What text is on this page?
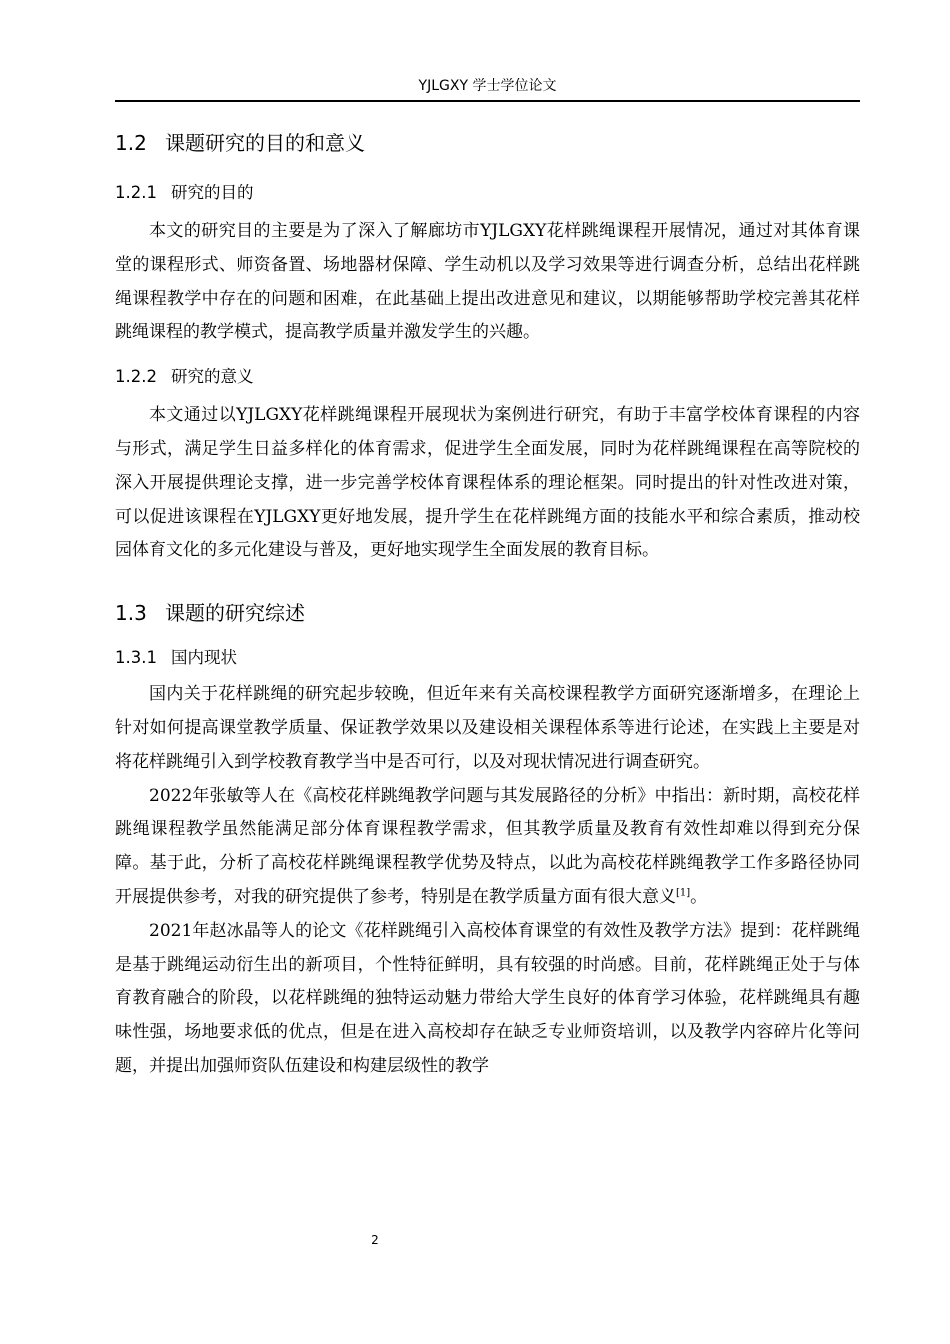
YJLGXY 学士学位论文
1.2 课题研究的目的和意义
1.2.1 研究的目的

本文的研究目的主要是为了深入了解廊坊市YJLGXY花样跳绳课程开展情况，通过对其体育课堂的课程形式、师资备置、场地器材保障、学生动机以及学习效果等进行调查分析，总结出花样跳绳课程教学中存在的问题和困难，在此基础上提出改进意见和建议，以期能够帮助学校完善其花样跳绳课程的教学模式，提高教学质量并激发学生的兴趣。

1.2.2 研究的意义

本文通过以YJLGXY花样跳绳课程开展现状为案例进行研究，有助于丰富学校体育课程的内容与形式，满足学生日益多样化的体育需求，促进学生全面发展，同时为花样跳绳课程在高等院校的深入开展提供理论支撑，进一步完善学校体育课程体系的理论框架。同时提出的针对性改进对策，可以促进该课程在YJLGXY更好地发展，提升学生在花样跳绳方面的技能水平和综合素质，推动校园体育文化的多元化建设与普及，更好地实现学生全面发展的教育目标。

1.3 课题的研究综述
1.3.1 国内现状

国内关于花样跳绳的研究起步较晚，但近年来有关高校课程教学方面研究逐渐增多，在理论上针对如何提高课堂教学质量、保证教学效果以及建设相关课程体系等进行论述，在实践上主要是对将花样跳绳引入到学校教育教学当中是否可行，以及对现状情况进行调查研究。

2022年张敏等人在《高校花样跳绳教学问题与其发展路径的分析》中指出：新时期，高校花样跳绳课程教学虽然能满足部分体育课程教学需求，但其教学质量及教育有效性却难以得到充分保障。基于此，分析了高校花样跳绳课程教学优势及特点，以此为高校花样跳绳教学工作多路径协同开展提供参考，对我的研究提供了参考，特别是在教学质量方面有很大意义[1]。

2021年赵冰晶等人的论文《花样跳绳引入高校体育课堂的有效性及教学方法》提到：花样跳绳是基于跳绳运动衍生出的新项目，个性特征鲜明，具有较强的时尚感。目前，花样跳绳正处于与体育教育融合的阶段，以花样跳绳的独特运动魅力带给大学生良好的体育学习体验，花样跳绳具有趣味性强，场地要求低的优点，但是在进入高校却存在缺乏专业师资培训，以及教学内容碎片化等问题，并提出加强师资队伍建设和构建层级性的教学

2
